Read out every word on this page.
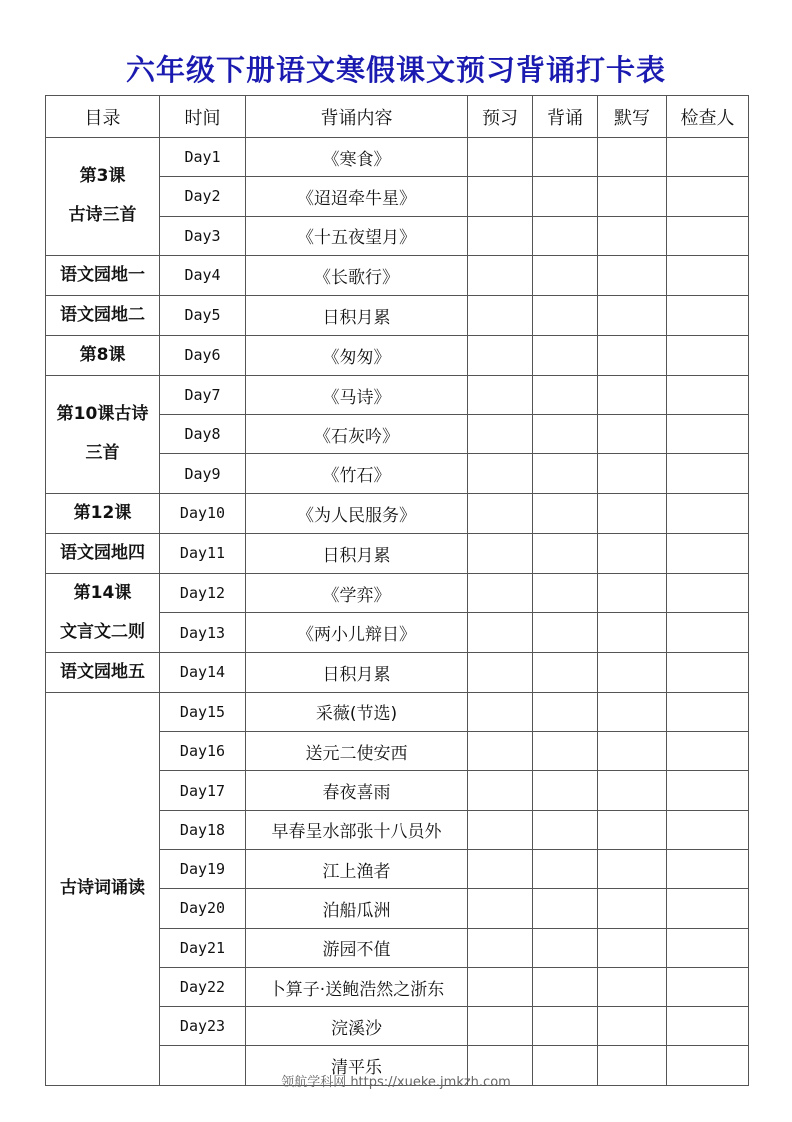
六年级下册语文寒假课文预习背诵打卡表
目录	时间	背诵内容	预习	背诵	默写	检查人
第3课
古诗三首	Day1	《寒食》				
	Day2	《迢迢牵牛星》				
	Day3	《十五夜望月》				
语文园地一	Day4	《长歌行》				
语文园地二	Day5	日积月累				
第8课	Day6	《匆匆》				
第10课古诗
三首	Day7	《马诗》				
	Day8	《石灰吟》				
	Day9	《竹石》				
第12课	Day10	《为人民服务》				
语文园地四	Day11	日积月累				
第14课
文言文二则	Day12	《学弈》				
	Day13	《两小儿辩日》				
语文园地五	Day14	日积月累				
古诗词诵读	Day15	采薇(节选)				
	Day16	送元二使安西				
	Day17	春夜喜雨				
	Day18	早春呈水部张十八员外				
	Day19	江上渔者				
	Day20	泊船瓜洲				
	Day21	游园不值				
	Day22	卜算子·送鲍浩然之浙东				
	Day23	浣溪沙				
		清平乐				
领航学科网 https://xueke.jmkzh.com
